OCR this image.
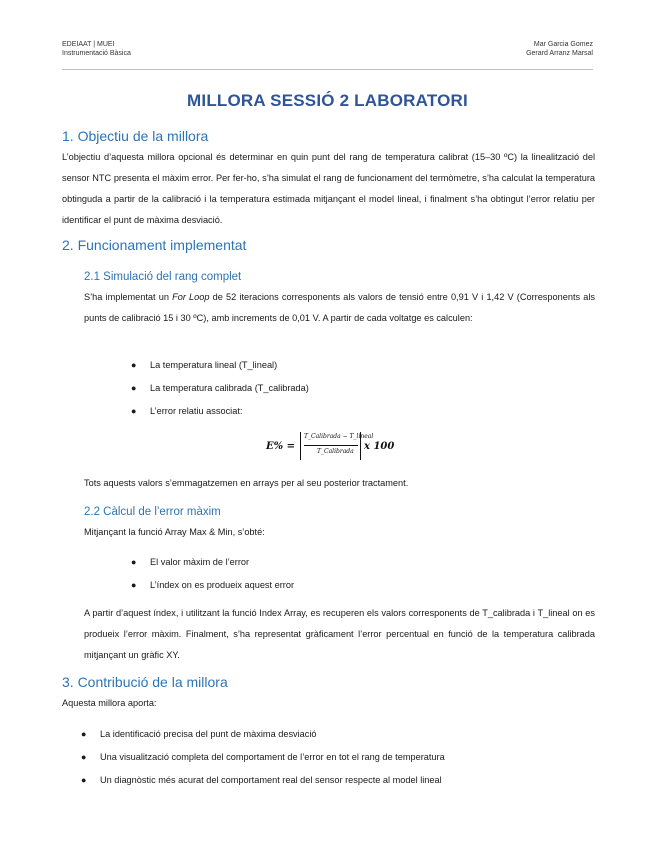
EDEIAAT | MUEI
Instrumentació Bàsica
Mar Garcia Gomez
Gerard Arranz Marsal
MILLORA SESSIÓ 2 LABORATORI
1. Objectiu de la millora
L’objectiu d’aquesta millora opcional és determinar en quin punt del rang de temperatura calibrat (15–30 ºC) la linealització del sensor NTC presenta el màxim error. Per fer-ho, s’ha simulat el rang de funcionament del termòmetre, s’ha calculat la temperatura obtinguda a partir de la calibració i la temperatura estimada mitjançant el model lineal, i finalment s’ha obtingut l’error relatiu per identificar el punt de màxima desviació.
2. Funcionament implementat
2.1 Simulació del rang complet
S’ha implementat un For Loop de 52 iteracions corresponents als valors de tensió entre 0,91 V i 1,42 V (Corresponents als punts de calibració 15 i 30 ºC), amb increments de 0,01 V. A partir de cada voltatge es calculen:
● La temperatura lineal (T_lineal)
● La temperatura calibrada (T_calibrada)
● L’error relatiu associat:
E% =
T_Calibrada − T_lineal
T_Calibrada x 100
Tots aquests valors s’emmagatzemen en arrays per al seu posterior tractament.
2.2 Càlcul de l’error màxim
Mitjançant la funció Array Max & Min, s’obté:
● El valor màxim de l’error
● L’índex on es produeix aquest error
A partir d’aquest índex, i utilitzant la funció Index Array, es recuperen els valors corresponents de T_calibrada i T_lineal on es produeix l’error màxim. Finalment, s’ha representat gràficament l’error percentual en funció de la temperatura calibrada mitjançant un gràfic XY.
3. Contribució de la millora
Aquesta millora aporta:
● La identificació precisa del punt de màxima desviació
● Una visualització completa del comportament de l’error en tot el rang de temperatura
● Un diagnòstic més acurat del comportament real del sensor respecte al model lineal
